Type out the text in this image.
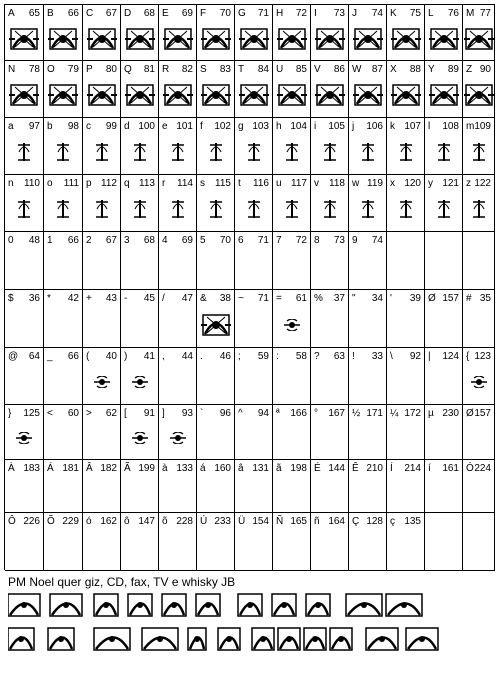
A 65 B 66 C 67 D 68 E 69 F 70 G 71 H 72 I 73 J 74 K 75 L 76 M 77
N 78 O 79 P 80 Q 81 R 82 S 83 T 84 U 85 V 86 W 87 X 88 Y 89 Z 90
a 97 b 98 c 99 d 100 e 101 f 102 g 103 h 104 i 105 j 106 k 107 l 108 m 109
n 110 o 111 p 112 q 113 r 114 s 115 t 116 u 117 v 118 w 119 x 120 y 121 z 122
0 48 1 66 2 67 3 68 4 69 5 70 6 71 7 72 8 73 9 74
$ 36 * 42 + 43 - 45 / 47 & 38 ~ 71 = 61 % 37 " 34 ' 39 Ø 157 # 35
@ 64 _ 66 ( 40 ) 41 , 44 . 46 ; 59 : 58 ? 63 ! 33 \ 92 | 124 { 123
} 125 < 60 > 62 [ 91 ] 93 ` 96 ^ 94 ª 166 ° 167 ½ 171 ¼ 172 µ 230 Ø 157
À 183 Á 181 Â 182 Ã 199 à 133 á 160 â 131 ã 198 É 144 Ê 210 Í 214 í 161 Ó 224
Ô 226 Õ 229 ó 162 ô 147 õ 228 Ú 233 Ü 154 Ñ 165 ñ 164 Ç 128 ç 135
PM Noel quer giz, CD, fax, TV e whisky JB
